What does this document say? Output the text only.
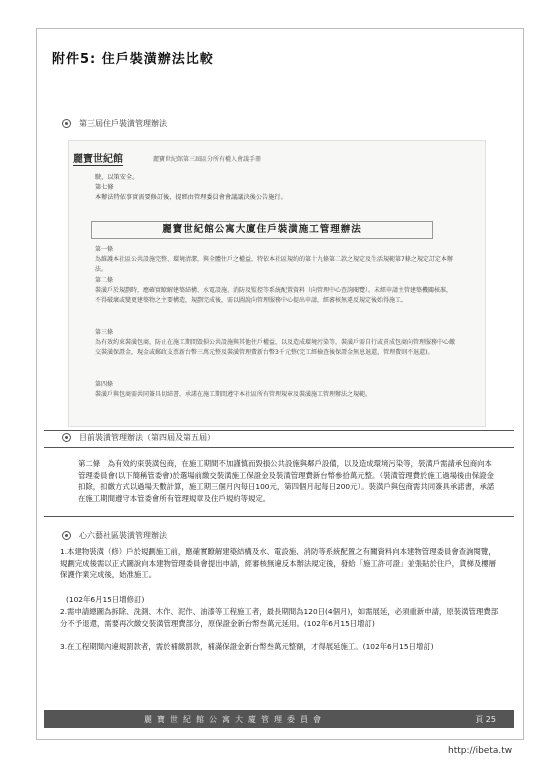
附件5: 住戶裝潢辦法比較
第三屆住戶裝潢管理辦法
麗寶世紀館	麗寶世紀館第三屆區分所有權人會議手冊
駛，以策安全。
第七條
本辦法特依事實需要修訂後，提經由管理委員會會議議決後公告施行。
麗寶世紀館公寓大廈住戶裝潢施工管理辦法
第一條
為維護本社區公共設施完整、環境清潔，與全體住戶之權益，特依本社區規約的第十九條第二款之規定及生活規範第7條之規定訂定本辦法。
第二條
裝潢戶於規劃時，應確實瞭解建築結構、水電設施、消防及監控等系統配置資料（向管理中心查詢閱覽）。未經申請主管建築機關核准，不得破壞或變更建築物之主要構造，規劃完成後，需以圖說向管理服務中心提出申請，經審核無違反規定後始得施工。
第三條
為有效約束裝潢包商，防止在施工期間毀損公共設施與其他住戶權益，以及造成環境污染等，裝潢戶需自行或責成包商向管理服務中心繳交裝潢保證金，現金或郵政支票新台幣三萬元整及裝潢管理費新台幣3千元整(完工經檢查後保證金無息退還，管理費則不退還)。
第四條
裝潢戶與包商需共同簽具切結書，承諾在施工期間遵守本社區所有管理規章及裝潢施工管理辦法之規範。
目前裝潢管理辦法（第四屆及第五屆）
第二條　為有效約束裝潢包商，在施工期間不加謹慎而毀損公共設施與鄰戶設備，以及造成環境污染等，裝潢戶需請承包商向本管理委員會(以下簡稱管委會)於選場前繳交裝潢施工保證金及裝潢管理費新台幣參拾萬元整。（裝潢管理費於施工過場後由保證金扣除，扣繳方式以過場天數計算，施工期三個月內每日100元，第四個月起每日200元）。裝潢戶與包商需共同簽具承諾書，承諾在施工期間遵守本管委會所有管理規章及住戶規約等規定。
心六藝社區裝潢管理辦法
1.本建物裝潢（修）戶於規劃施工前，應確實瞭解建築結構及水、電設施、消防等系統配置之有關資料向本建物管理委員會查詢閱覽，規劃完成後需以正式圖說向本建物管理委員會提出申請，經審核無違反本辦法規定後，發給「施工許可證」並張貼於住戶，貨梯及樓層保護作業完成後，始准施工。
(102年6月15日增修訂)
2.需申請總圖為拆除、洗測、木作、泥作、油漆等工程施工者，最長期間為120日(4個月)，如需展延，必須重新申請，原裝潢管理費部分不予退還，需要再次繳交裝潢管理費部分，原保證金新台幣叁萬元延用。(102年6月15日增訂)
3.在工程期間內違規罰款者，需於補繳罰款，補滿保證金新台幣叁萬元整額，才得展延施工。(102年6月15日增訂)
麗寶世紀館公寓大廈管理委員會	頁 25
http://ibeta.tw
